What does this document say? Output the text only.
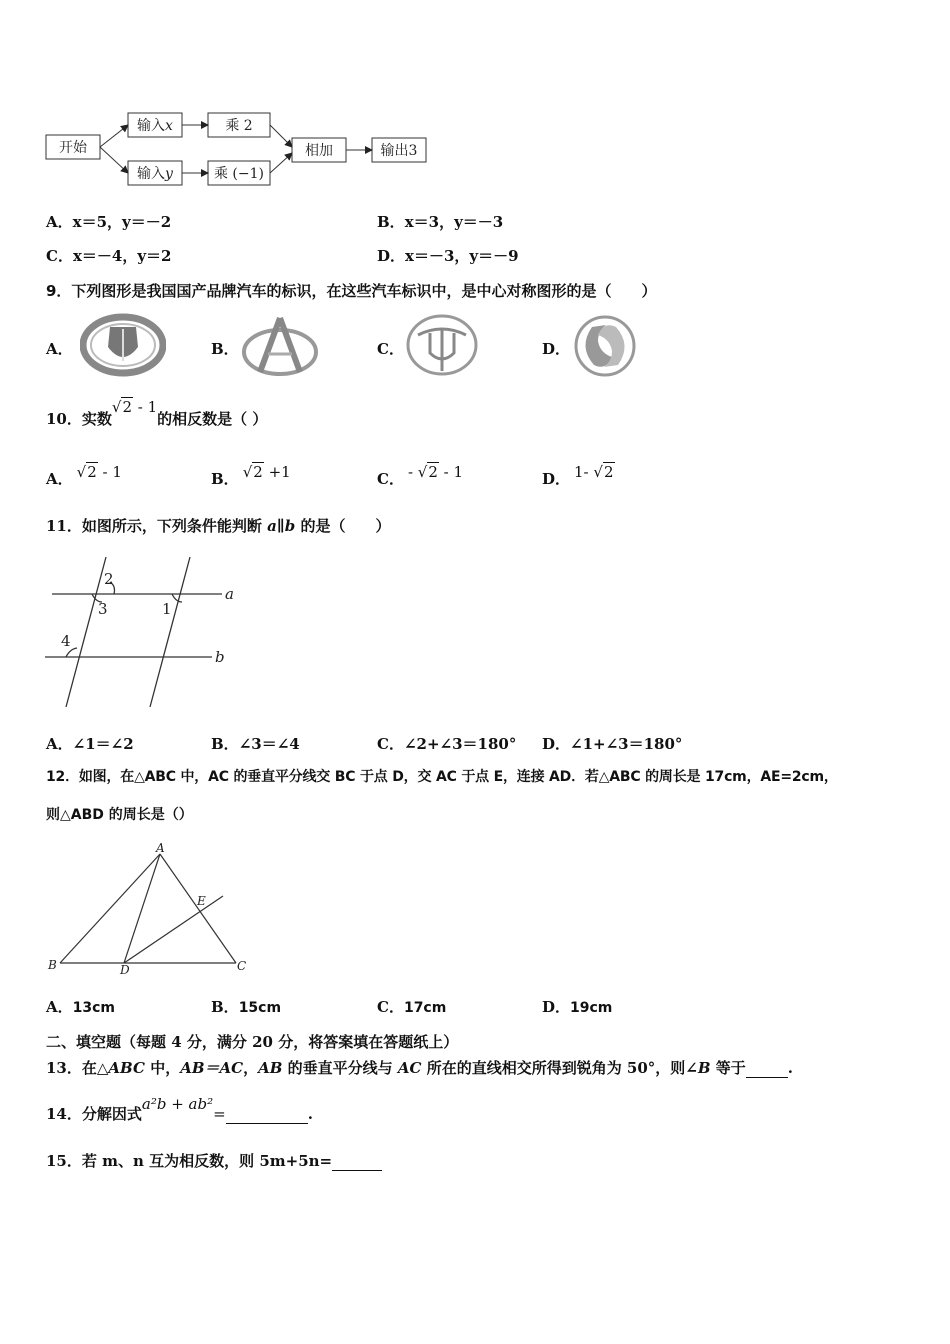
开始
输入x	乘 2
输入y	乘 (−1)
相加	输出3
A．x＝5，y＝－2	B．x＝3，y＝－3
C．x＝－4，y＝2	D．x＝－3，y＝－9
9．下列图形是我国国产品牌汽车的标识，在这些汽车标识中，是中心对称图形的是（　　）
A．	B．	C．	D．
10．实数√2 - 1的相反数是（ ）
A． √2 - 1	B． √2 +1	C． - √2 - 1	D． 1- √2
11．如图所示，下列条件能判断 a∥b 的是（　　）
2
3	1
4
a
b
A．∠1＝∠2	B．∠3＝∠4	C．∠2+∠3＝180° D．∠1+∠3＝180°
12．如图，在△ABC 中，AC 的垂直平分线交 BC 于点 D，交 AC 于点 E，连接 AD．若△ABC 的周长是 17cm，AE=2cm，
则△ABD 的周长是（）
A
B	D	C
E
A．13cm	B．15cm	C．17cm	D．19cm
二、填空题（每题 4 分，满分 20 分，将答案填在答题纸上）
13．在△ABC 中，AB＝AC，AB 的垂直平分线与 AC 所在的直线相交所得到锐角为 50°，则∠B 等于	.
14．分解因式a²b + ab²=	.
15．若 m、n 互为相反数，则 5m+5n=
